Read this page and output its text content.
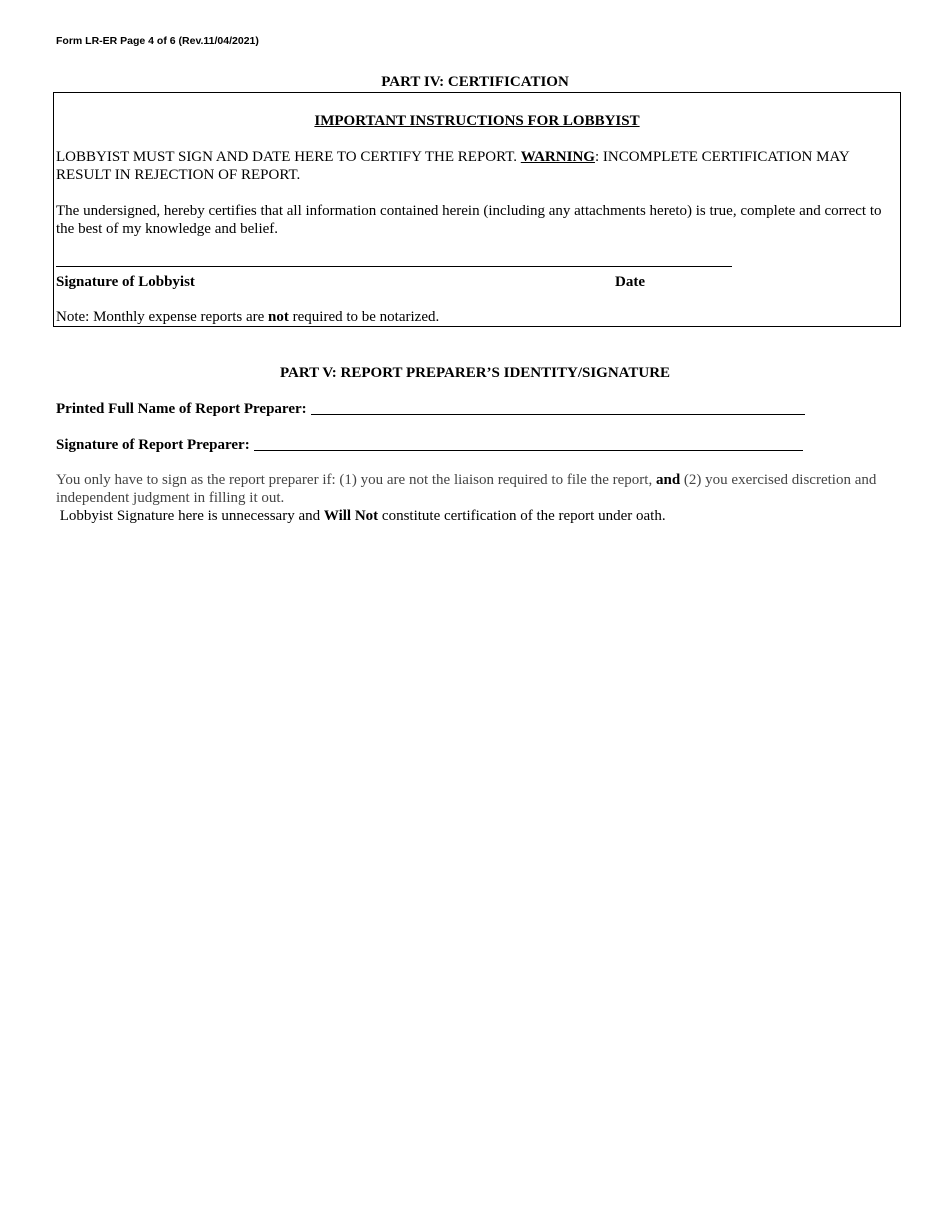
Form LR-ER Page 4 of 6 (Rev.11/04/2021)
PART IV: CERTIFICATION
IMPORTANT INSTRUCTIONS FOR LOBBYIST
LOBBYIST MUST SIGN AND DATE HERE TO CERTIFY THE REPORT. WARNING: INCOMPLETE CERTIFICATION MAY RESULT IN REJECTION OF REPORT.
The undersigned, hereby certifies that all information contained herein (including any attachments hereto) is true, complete and correct to the best of my knowledge and belief.
Signature of Lobbyist	Date
Note: Monthly expense reports are not required to be notarized.
PART V: REPORT PREPARER’S IDENTITY/SIGNATURE
Printed Full Name of Report Preparer:
Signature of Report Preparer:
You only have to sign as the report preparer if: (1) you are not the liaison required to file the report, and (2) you exercised discretion and independent judgment in filling it out.
Lobbyist Signature here is unnecessary and Will Not constitute certification of the report under oath.
